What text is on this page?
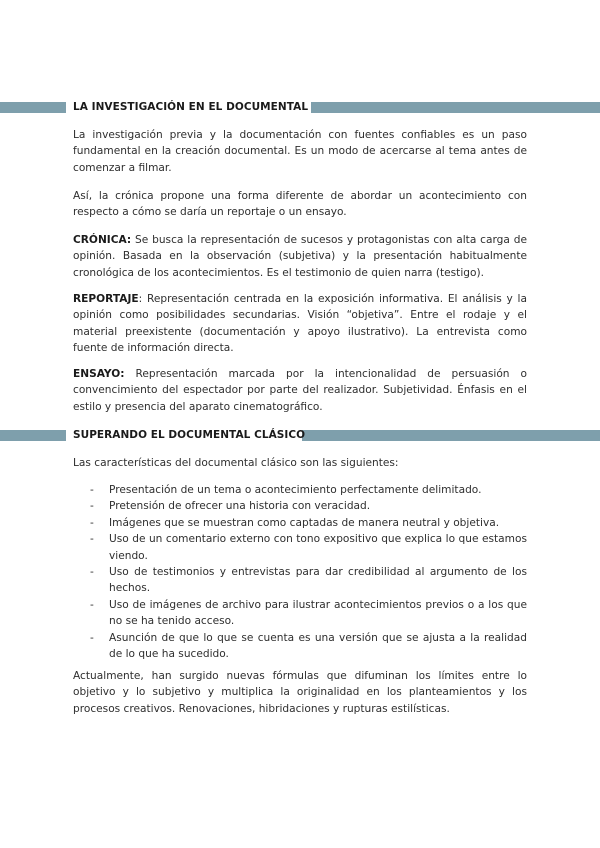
LA INVESTIGACIÓN EN EL DOCUMENTAL
La investigación previa y la documentación con fuentes confiables es un paso fundamental en la creación documental. Es un modo de acercarse al tema antes de comenzar a filmar.
Así, la crónica propone una forma diferente de abordar un acontecimiento con respecto a cómo se daría un reportaje o un ensayo.
CRÓNICA: Se busca la representación de sucesos y protagonistas con alta carga de opinión. Basada en la observación (subjetiva) y la presentación habitualmente cronológica de los acontecimientos. Es el testimonio de quien narra (testigo).
REPORTAJE: Representación centrada en la exposición informativa. El análisis y la opinión como posibilidades secundarias. Visión “objetiva”. Entre el rodaje y el material preexistente (documentación y apoyo ilustrativo). La entrevista como fuente de información directa.
ENSAYO: Representación marcada por la intencionalidad de persuasión o convencimiento del espectador por parte del realizador. Subjetividad. Énfasis en el estilo y presencia del aparato cinematográfico.
SUPERANDO EL DOCUMENTAL CLÁSICO
Las características del documental clásico son las siguientes:
- Presentación de un tema o acontecimiento perfectamente delimitado.
- Pretensión de ofrecer una historia con veracidad.
- Imágenes que se muestran como captadas de manera neutral y objetiva.
- Uso de un comentario externo con tono expositivo que explica lo que estamos viendo.
- Uso de testimonios y entrevistas para dar credibilidad al argumento de los hechos.
- Uso de imágenes de archivo para ilustrar acontecimientos previos o a los que no se ha tenido acceso.
- Asunción de que lo que se cuenta es una versión que se ajusta a la realidad de lo que ha sucedido.
Actualmente, han surgido nuevas fórmulas que difuminan los límites entre lo objetivo y lo subjetivo y multiplica la originalidad en los planteamientos y los procesos creativos. Renovaciones, hibridaciones y rupturas estilísticas.
